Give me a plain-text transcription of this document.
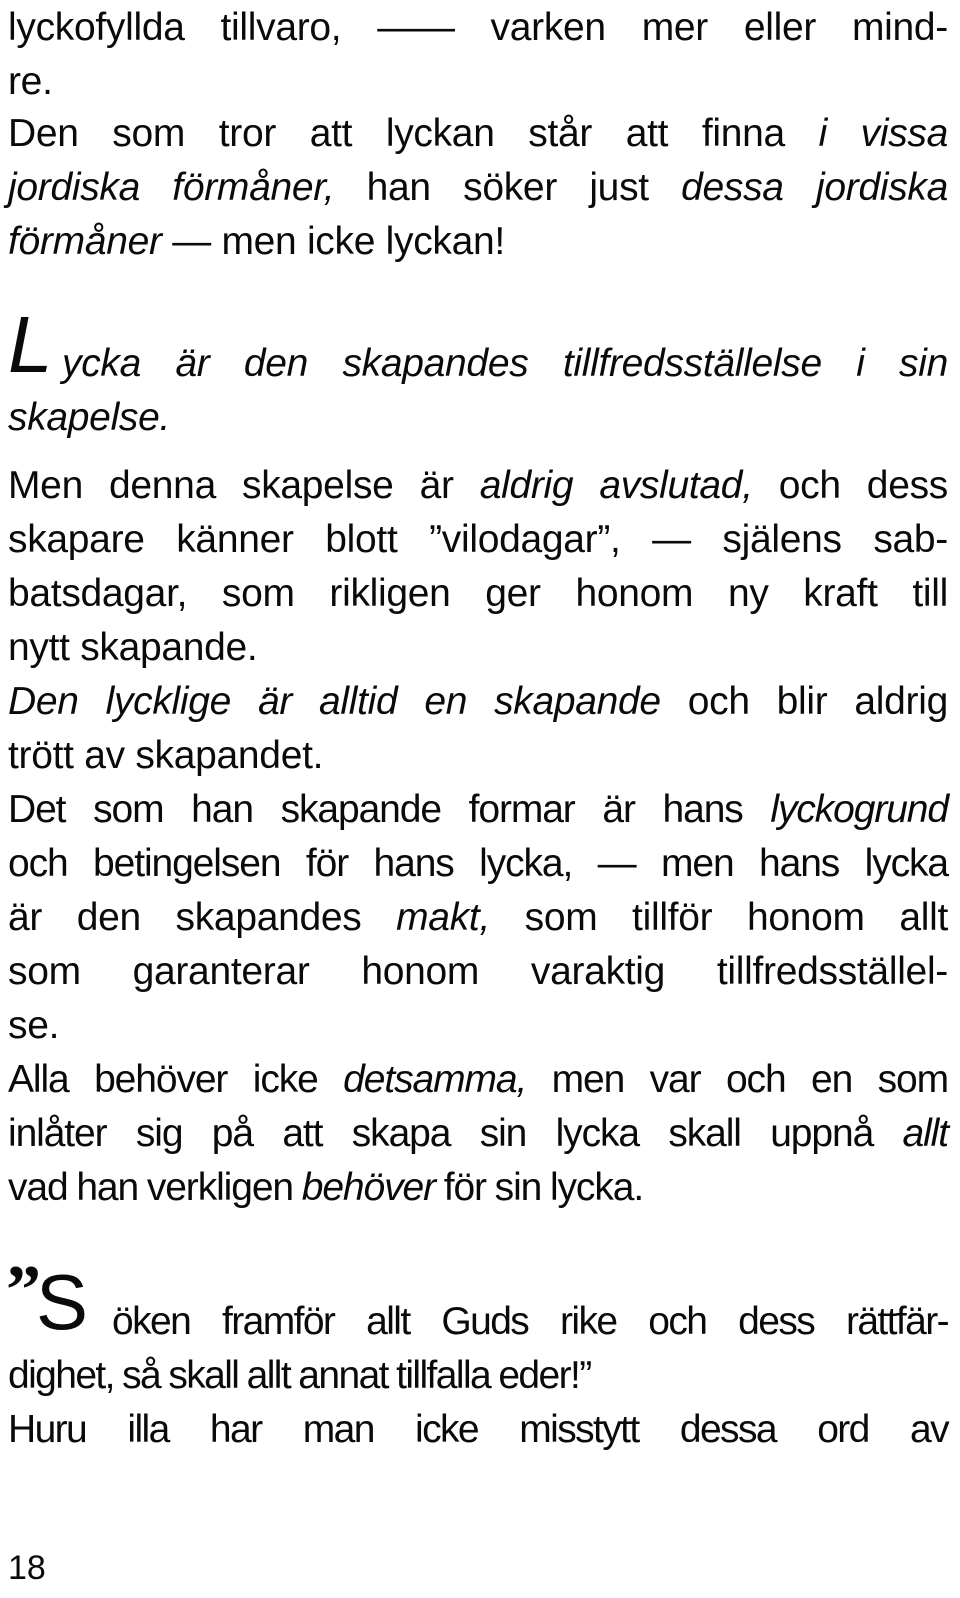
L
”
S
18
lyckofyllda tillvaro, —— varken mer eller mind-
re.
Den som tror att lyckan står att finna i vissa
jordiska förmåner, han söker just dessa jordiska
förmåner — men icke lyckan!
ycka är den skapandes tillfredsställelse i sin
skapelse.
Men denna skapelse är aldrig avslutad, och dess
skapare känner blott ”vilodagar”, — själens sab-
batsdagar, som rikligen ger honom ny kraft till
nytt skapande.
Den lycklige är alltid en skapande och blir aldrig
trött av skapandet.
Det som han skapande formar är hans lyckogrund
och betingelsen för hans lycka, — men hans lycka
är den skapandes makt, som tillför honom allt
som garanterar honom varaktig tillfredsställel-
se.
Alla behöver icke detsamma, men var och en som
inlåter sig på att skapa sin lycka skall uppnå allt
vad han verkligen behöver för sin lycka.
öken framför allt Guds rike och dess rättfär-
dighet, så skall allt annat tillfalla eder!”
Huru illa har man icke misstytt dessa ord av
